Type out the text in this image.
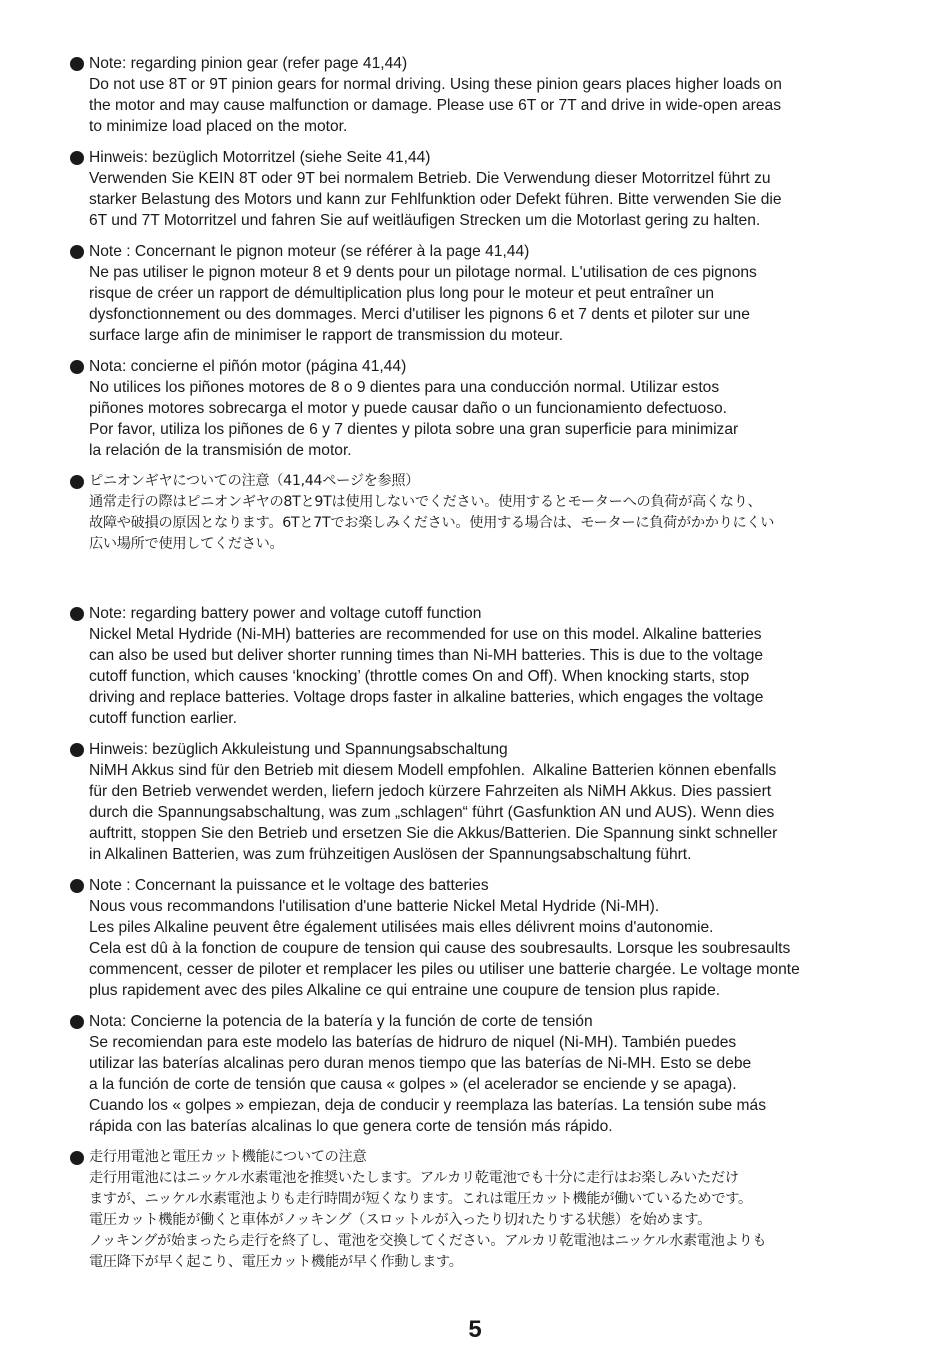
Note: regarding pinion gear (refer page 41,44)
Do not use 8T or 9T pinion gears for normal driving. Using these pinion gears places higher loads on
the motor and may cause malfunction or damage. Please use 6T or 7T and drive in wide-open areas
to minimize load placed on the motor.
Hinweis: bezüglich Motorritzel (siehe Seite 41,44)
Verwenden Sie KEIN 8T oder 9T bei normalem Betrieb. Die Verwendung dieser Motorritzel führt zu
starker Belastung des Motors und kann zur Fehlfunktion oder Defekt führen. Bitte verwenden Sie die
6T und 7T Motorritzel und fahren Sie auf weitläufigen Strecken um die Motorlast gering zu halten.
Note : Concernant le pignon moteur (se référer à la page 41,44)
Ne pas utiliser le pignon moteur 8 et 9 dents pour un pilotage normal. L'utilisation de ces pignons
risque de créer un rapport de démultiplication plus long pour le moteur et peut entraîner un
dysfonctionnement ou des dommages. Merci d'utiliser les pignons 6 et 7 dents et piloter sur une
surface large afin de minimiser le rapport de transmission du moteur.
Nota: concierne el piñón motor (página 41,44)
No utilices los piñones motores de 8 o 9 dientes para una conducción normal. Utilizar estos
piñones motores sobrecarga el motor y puede causar daño o un funcionamiento defectuoso.
Por favor, utiliza los piñones de 6 y 7 dientes y pilota sobre una gran superficie para minimizar
la relación de la transmisión de motor.
ピニオンギヤについての注意（41,44ページを参照）
通常走行の際はピニオンギヤの8Tと9Tは使用しないでください。使用するとモーターへの負荷が高くなり、
故障や破損の原因となります。6Tと7Tでお楽しみください。使用する場合は、モーターに負荷がかかりにくい
広い場所で使用してください。
Note: regarding battery power and voltage cutoff function
Nickel Metal Hydride (Ni-MH) batteries are recommended for use on this model. Alkaline batteries
can also be used but deliver shorter running times than Ni-MH batteries. This is due to the voltage
cutoff function, which causes ‘knocking’ (throttle comes On and Off). When knocking starts, stop
driving and replace batteries. Voltage drops faster in alkaline batteries, which engages the voltage
cutoff function earlier.
Hinweis: bezüglich Akkuleistung und Spannungsabschaltung
NiMH Akkus sind für den Betrieb mit diesem Modell empfohlen.  Alkaline Batterien können ebenfalls
für den Betrieb verwendet werden, liefern jedoch kürzere Fahrzeiten als NiMH Akkus. Dies passiert
durch die Spannungsabschaltung, was zum „schlagen“ führt (Gasfunktion AN und AUS). Wenn dies
auftritt, stoppen Sie den Betrieb und ersetzen Sie die Akkus/Batterien. Die Spannung sinkt schneller
in Alkalinen Batterien, was zum frühzeitigen Auslösen der Spannungsabschaltung führt.
Note : Concernant la puissance et le voltage des batteries
Nous vous recommandons l'utilisation d'une batterie Nickel Metal Hydride (Ni-MH).
Les piles Alkaline peuvent être également utilisées mais elles délivrent moins d'autonomie.
Cela est dû à la fonction de coupure de tension qui cause des soubresaults. Lorsque les soubresaults
commencent, cesser de piloter et remplacer les piles ou utiliser une batterie chargée. Le voltage monte
plus rapidement avec des piles Alkaline ce qui entraine une coupure de tension plus rapide.
Nota: Concierne la potencia de la batería y la función de corte de tensión
Se recomiendan para este modelo las baterías de hidruro de niquel (Ni-MH). También puedes
utilizar las baterías alcalinas pero duran menos tiempo que las baterías de Ni-MH. Esto se debe
a la función de corte de tensión que causa « golpes » (el acelerador se enciende y se apaga).
Cuando los « golpes » empiezan, deja de conducir y reemplaza las baterías. La tensión sube más
rápida con las baterías alcalinas lo que genera corte de tensión más rápido.
走行用電池と電圧カット機能についての注意
走行用電池にはニッケル水素電池を推奨いたします。アルカリ乾電池でも十分に走行はお楽しみいただけ
ますが、ニッケル水素電池よりも走行時間が短くなります。これは電圧カット機能が働いているためです。
電圧カット機能が働くと車体がノッキング（スロットルが入ったり切れたりする状態）を始めます。
ノッキングが始まったら走行を終了し、電池を交換してください。アルカリ乾電池はニッケル水素電池よりも
電圧降下が早く起こり、電圧カット機能が早く作動します。
5
